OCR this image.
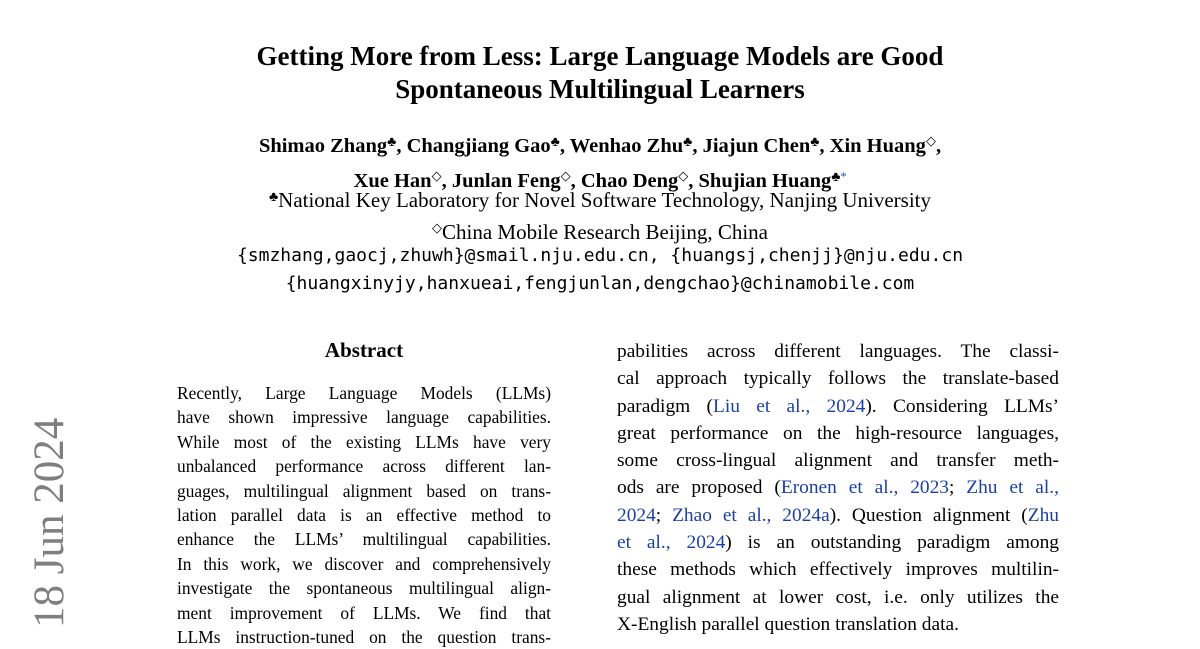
18 Jun 2024
Getting More from Less: Large Language Models are Good
Spontaneous Multilingual Learners
Shimao Zhang♣, Changjiang Gao♣, Wenhao Zhu♣, Jiajun Chen♣, Xin Huang◇,
Xue Han◇, Junlan Feng◇, Chao Deng◇, Shujian Huang♣*
♣National Key Laboratory for Novel Software Technology, Nanjing University
◇China Mobile Research Beijing, China
{smzhang,gaocj,zhuwh}@smail.nju.edu.cn, {huangsj,chenjj}@nju.edu.cn
{huangxinyjy,hanxueai,fengjunlan,dengchao}@chinamobile.com
Abstract
Recently, Large Language Models (LLMs)
have shown impressive language capabilities.
While most of the existing LLMs have very
unbalanced performance across different lan-
guages, multilingual alignment based on trans-
lation parallel data is an effective method to
enhance the LLMs’ multilingual capabilities.
In this work, we discover and comprehensively
investigate the spontaneous multilingual align-
ment improvement of LLMs. We find that
LLMs instruction-tuned on the question trans-
pabilities across different languages. The classi-
cal approach typically follows the translate-based
paradigm (Liu et al., 2024). Considering LLMs’
great performance on the high-resource languages,
some cross-lingual alignment and transfer meth-
ods are proposed (Eronen et al., 2023; Zhu et al.,
2024; Zhao et al., 2024a). Question alignment (Zhu
et al., 2024) is an outstanding paradigm among
these methods which effectively improves multilin-
gual alignment at lower cost, i.e. only utilizes the
X-English parallel question translation data.
